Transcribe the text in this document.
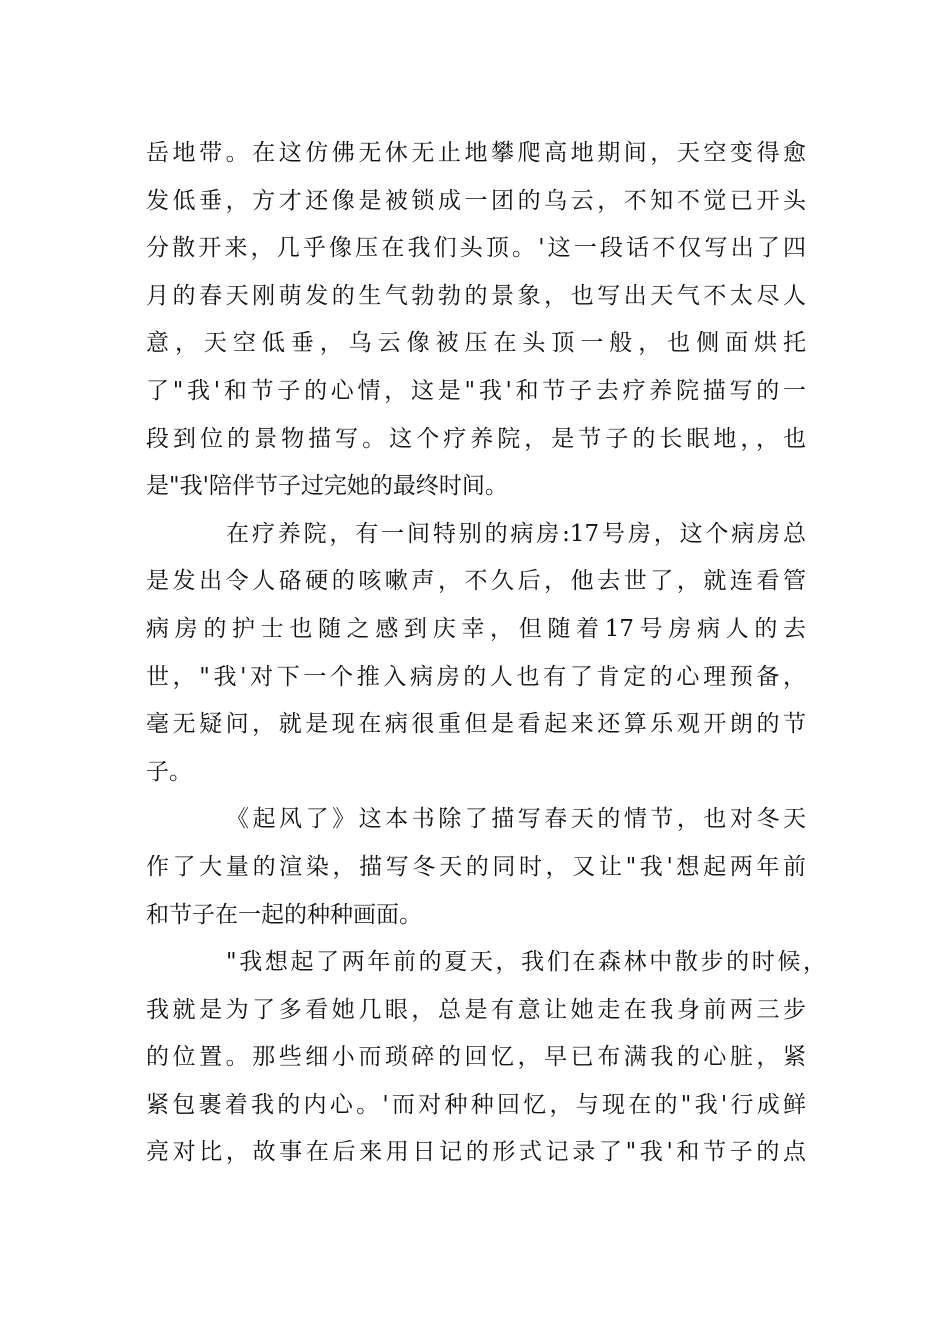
岳地带。在这仿佛无休无止地攀爬高地期间，天空变得愈
发低垂，方才还像是被锁成一团的乌云，不知不觉已开头
分散开来，几乎像压在我们头顶。'这一段话不仅写出了四
月的春天刚萌发的生气勃勃的景象，也写出天气不太尽人
意，天空低垂，乌云像被压在头顶一般，也侧面烘托
了"我'和节子的心情，这是"我'和节子去疗养院描写的一
段到位的景物描写。这个疗养院，是节子的长眠地，，也
是"我'陪伴节子过完她的最终时间。
在疗养院，有一间特别的病房:17号房，这个病房总
是发出令人硌硬的咳嗽声，不久后，他去世了，就连看管
病房的护士也随之感到庆幸，但随着17号房病人的去
世，"我'对下一个推入病房的人也有了肯定的心理预备，
毫无疑问，就是现在病很重但是看起来还算乐观开朗的节
子。
《起风了》这本书除了描写春天的情节，也对冬天
作了大量的渲染，描写冬天的同时，又让"我'想起两年前
和节子在一起的种种画面。
"我想起了两年前的夏天，我们在森林中散步的时候，
我就是为了多看她几眼，总是有意让她走在我身前两三步
的位置。那些细小而琐碎的回忆，早已布满我的心脏，紧
紧包裹着我的内心。'而对种种回忆，与现在的"我'行成鲜
亮对比，故事在后来用日记的形式记录了"我'和节子的点
